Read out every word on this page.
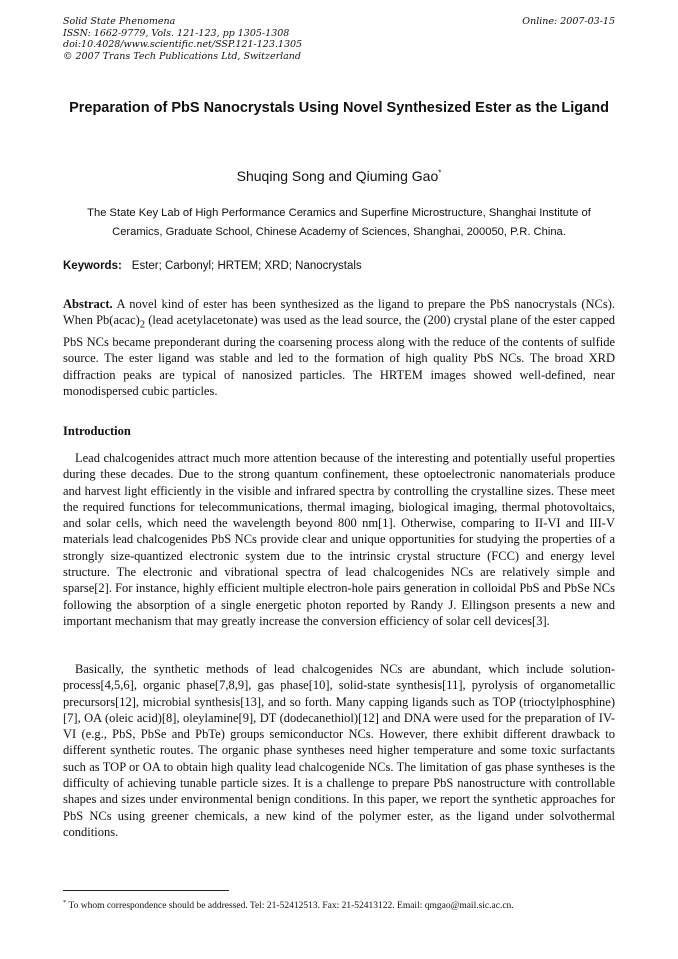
Solid State Phenomena
ISSN: 1662-9779, Vols. 121-123, pp 1305-1308
doi:10.4028/www.scientific.net/SSP.121-123.1305
© 2007 Trans Tech Publications Ltd, Switzerland
Online: 2007-03-15
Preparation of PbS Nanocrystals Using Novel Synthesized Ester as the Ligand
Shuqing Song and Qiuming Gao*
The State Key Lab of High Performance Ceramics and Superfine Microstructure, Shanghai Institute of Ceramics, Graduate School, Chinese Academy of Sciences, Shanghai, 200050, P.R. China.
Keywords: Ester; Carbonyl; HRTEM; XRD; Nanocrystals
Abstract. A novel kind of ester has been synthesized as the ligand to prepare the PbS nanocrystals (NCs). When $Pb(acac)_2$ (lead acetylacetonate) was used as the lead source, the (200) crystal plane of the ester capped PbS NCs became preponderant during the coarsening process along with the reduce of the contents of sulfide source. The ester ligand was stable and led to the formation of high quality PbS NCs. The broad XRD diffraction peaks are typical of nanosized particles. The HRTEM images showed well-defined, near monodispersed cubic particles.
Introduction
Lead chalcogenides attract much more attention because of the interesting and potentially useful properties during these decades. Due to the strong quantum confinement, these optoelectronic nanomaterials produce and harvest light efficiently in the visible and infrared spectra by controlling the crystalline sizes. These meet the required functions for telecommunications, thermal imaging, biological imaging, thermal photovoltaics, and solar cells, which need the wavelength beyond 800 nm[1]. Otherwise, comparing to II-VI and III-V materials lead chalcogenides PbS NCs provide clear and unique opportunities for studying the properties of a strongly size-quantized electronic system due to the intrinsic crystal structure (FCC) and energy level structure. The electronic and vibrational spectra of lead chalcogenides NCs are relatively simple and sparse[2]. For instance, highly efficient multiple electron-hole pairs generation in colloidal PbS and PbSe NCs following the absorption of a single energetic photon reported by Randy J. Ellingson presents a new and important mechanism that may greatly increase the conversion efficiency of solar cell devices[3].
Basically, the synthetic methods of lead chalcogenides NCs are abundant, which include solution-process[4,5,6], organic phase[7,8,9], gas phase[10], solid-state synthesis[11], pyrolysis of organometallic precursors[12], microbial synthesis[13], and so forth. Many capping ligands such as TOP (trioctylphosphine)[7], OA (oleic acid)[8], oleylamine[9], DT (dodecanethiol)[12] and DNA were used for the preparation of IV-VI (e.g., PbS, PbSe and PbTe) groups semiconductor NCs. However, there exhibit different drawback to different synthetic routes. The organic phase syntheses need higher temperature and some toxic surfactants such as TOP or OA to obtain high quality lead chalcogenide NCs. The limitation of gas phase syntheses is the difficulty of achieving tunable particle sizes. It is a challenge to prepare PbS nanostructure with controllable shapes and sizes under environmental benign conditions. In this paper, we report the synthetic approaches for PbS NCs using greener chemicals, a new kind of the polymer ester, as the ligand under solvothermal conditions.
* To whom correspondence should be addressed. Tel: 21-52412513. Fax: 21-52413122. Email: qmgao@mail.sic.ac.cn.
